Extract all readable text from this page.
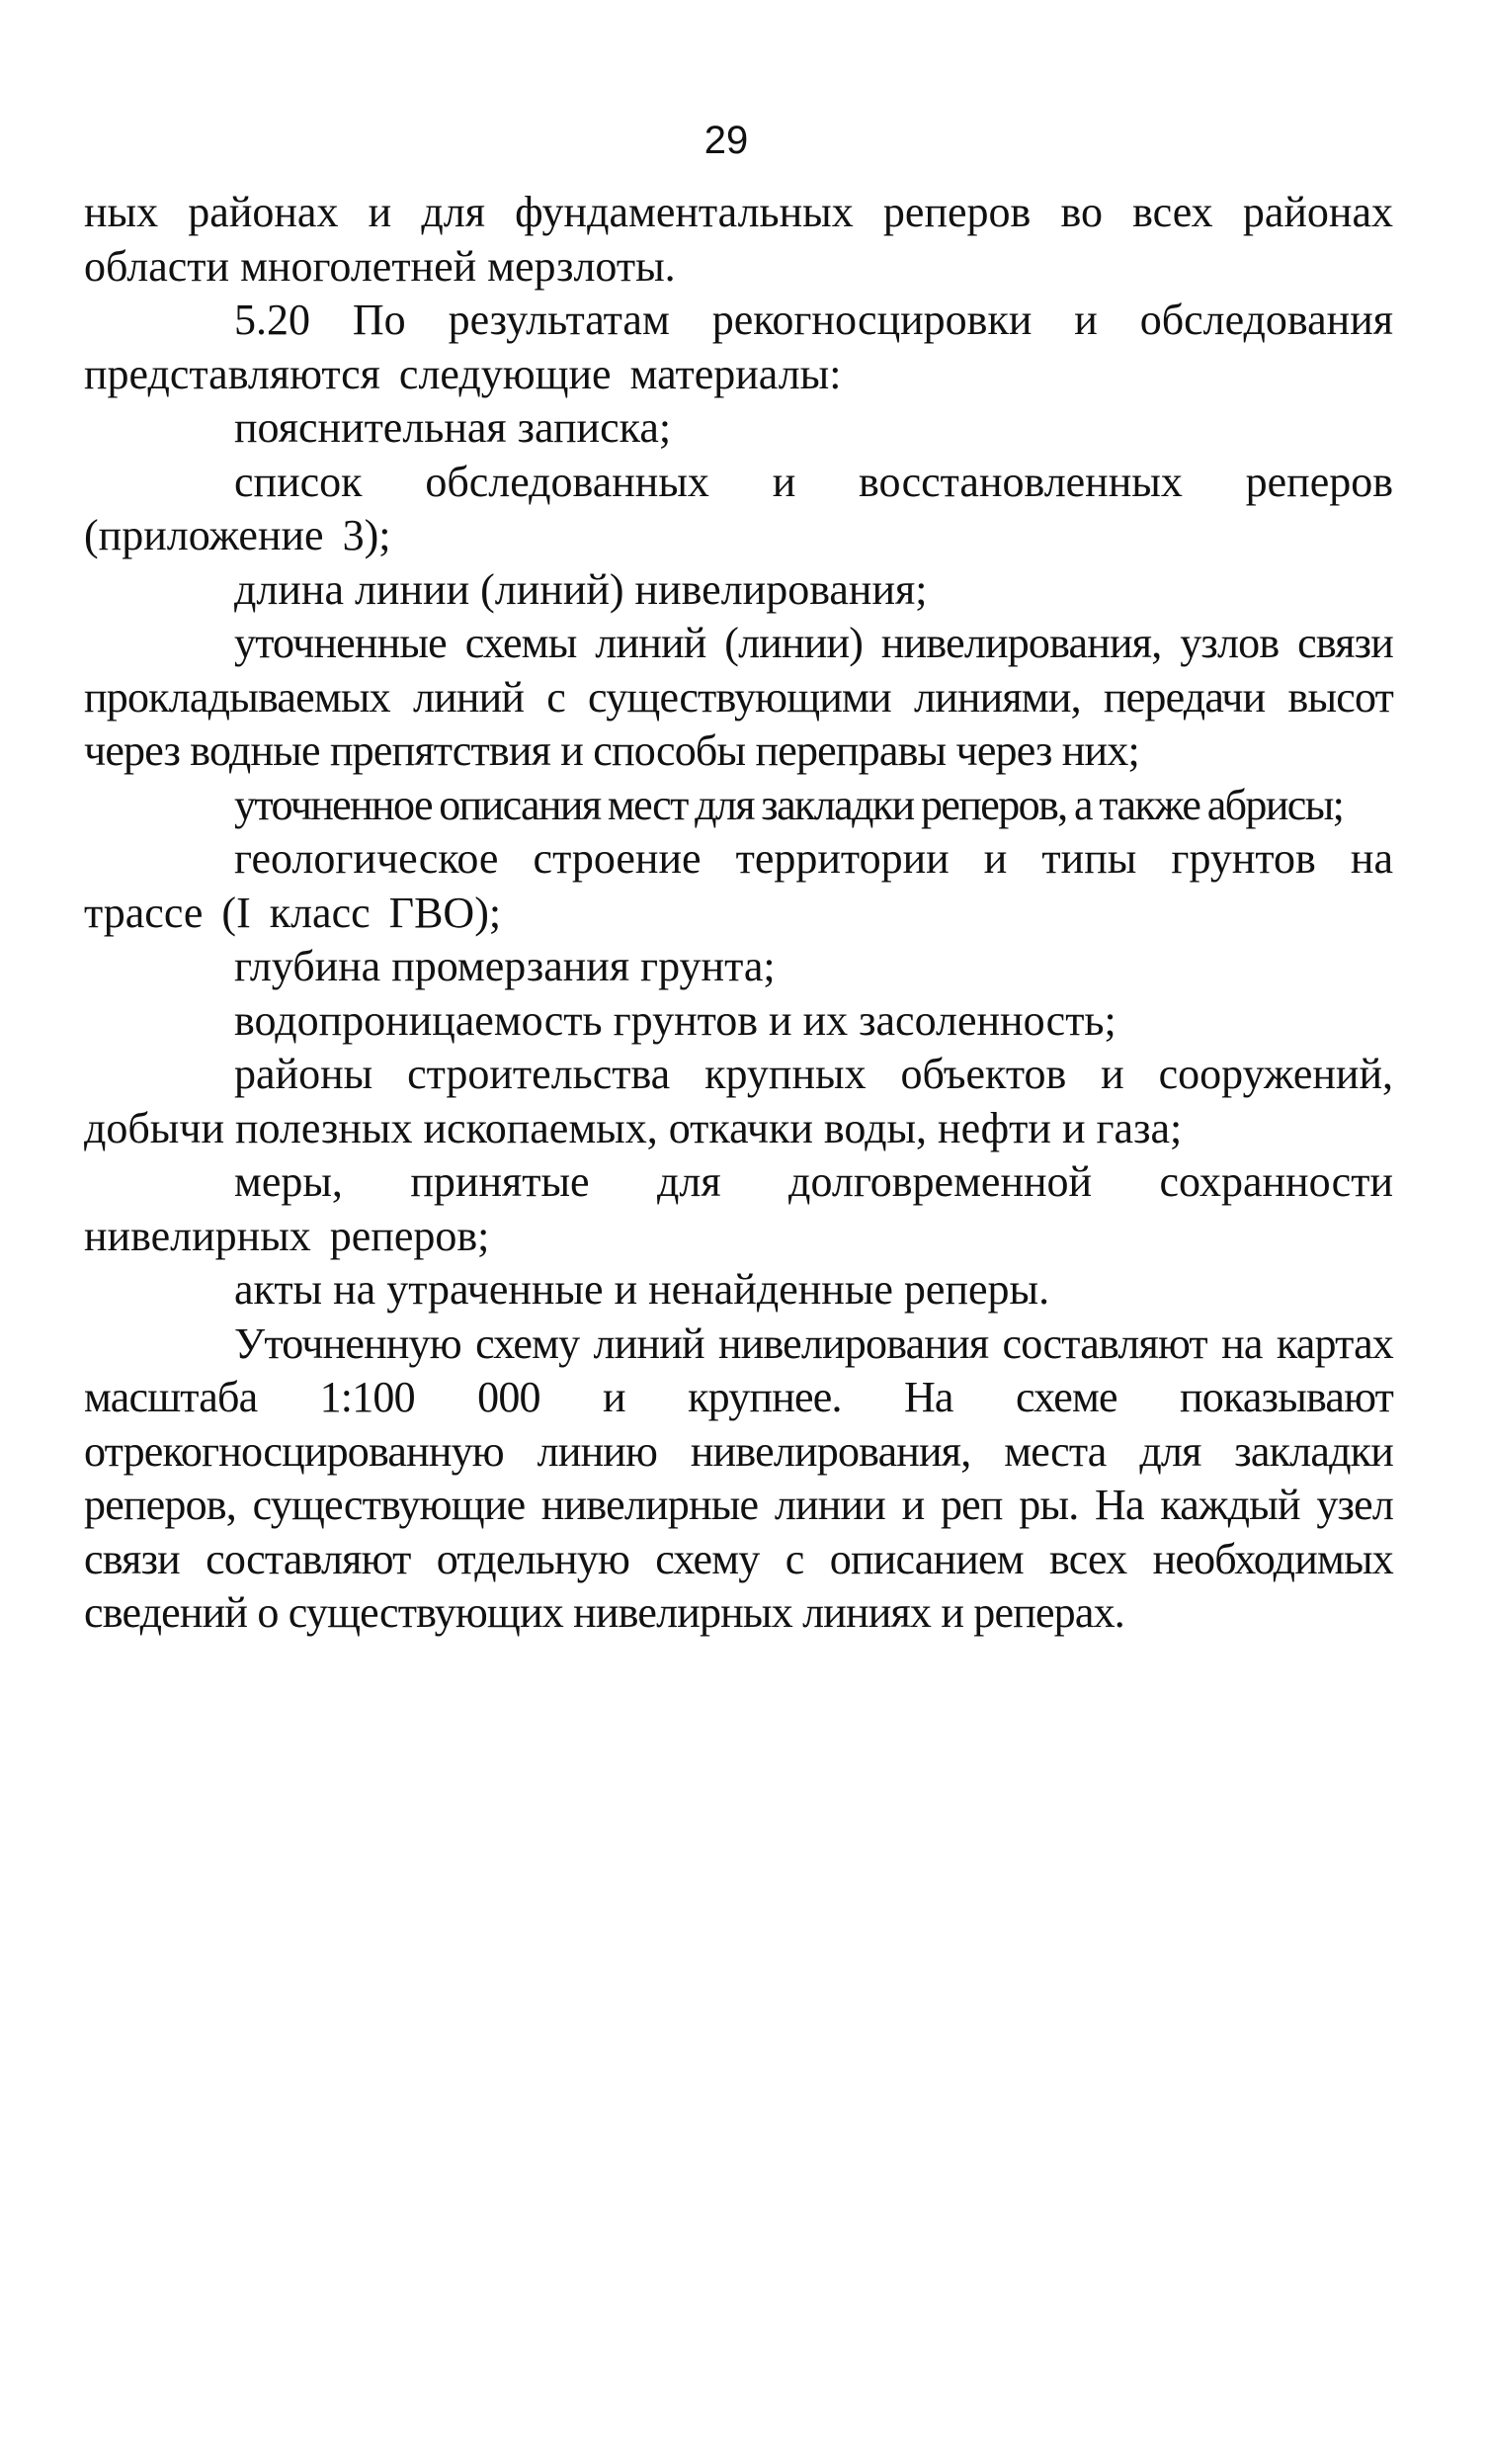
29

ных районах и для фундаментальных реперов во всех районах области многолетней мерзлоты.

5.20 По результатам рекогносцировки и обследования представляются следующие материалы:

пояснительная записка;

список обследованных и восстановленных реперов (приложение 3);

длина линии (линий) нивелирования;

уточненные схемы линий (линии) нивелирования, узлов связи прокладываемых линий с существующими линиями, передачи высот через водные препятствия и способы переправы через них;

уточненное описания мест для закладки реперов, а также абрисы;

геологическое строение территории и типы грунтов на трассе (I класс ГВО);

глубина промерзания грунта;

водопроницаемость грунтов и их засоленность;

районы строительства крупных объектов и сооружений, добычи полезных ископаемых, откачки воды, нефти и газа;

меры, принятые для долговременной сохранности нивелирных реперов;

акты на утраченные и ненайденные реперы.

Уточненную схему линий нивелирования составляют на картах масштаба 1:100 000 и крупнее. На схеме показывают отрекогносцированную линию нивелирования, места для закладки реперов, существующие нивелирные линии и реп ры. На каждый узел связи составляют отдельную схему с описанием всех необходимых сведений о существующих нивелирных линиях и реперах.
